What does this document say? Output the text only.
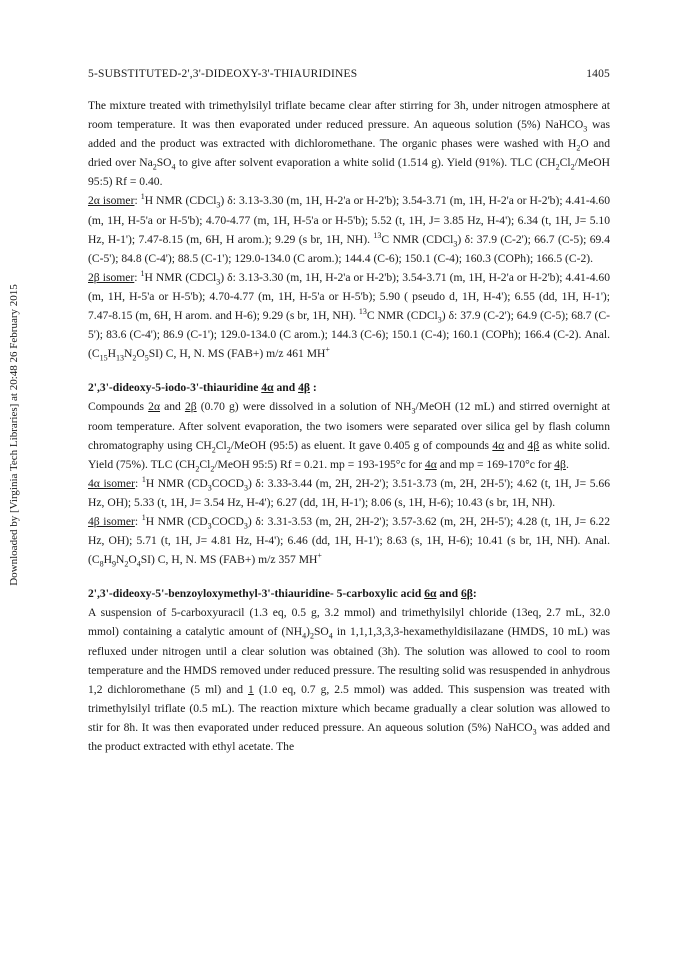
5-SUBSTITUTED-2',3'-DIDEOXY-3'-THIAURIDINES	1405
Downloaded by [Virginia Tech Libraries] at 20:48 26 February 2015

The mixture treated with trimethylsilyl triflate became clear after stirring for 3h, under nitrogen atmosphere at room temperature. It was then evaporated under reduced pressure. An aqueous solution (5%) NaHCO$_3$ was added and the product was extracted with dichloromethane. The organic phases were washed with $H_2O$ and dried over $Na_2SO_4$ to give after solvent evaporation a white solid (1.514 g). Yield (91%). TLC ($CH_2Cl_2$/MeOH 95:5) Rf = 0.40.

2α isomer: $^1$H NMR (CDCl$_3$) δ: 3.13-3.30 (m, 1H, H-2'a or H-2'b); 3.54-3.71 (m, 1H, H-2'a or H-2'b); 4.41-4.60 (m, 1H, H-5'a or H-5'b); 4.70-4.77 (m, 1H, H-5'a or H-5'b); 5.52 (t, 1H, J= 3.85 Hz, H-4'); 6.34 (t, 1H, J= 5.10 Hz, H-1'); 7.47-8.15 (m, 6H, H arom.); 9.29 (s br, 1H, NH). $^{13}$C NMR (CDCl$_3$) δ: 37.9 (C-2'); 66.7 (C-5); 69.4 (C-5'); 84.8 (C-4'); 88.5 (C-1'); 129.0-134.0 (C arom.); 144.4 (C-6); 150.1 (C-4); 160.3 (COPh); 166.5 (C-2).

2β isomer: $^1$H NMR (CDCl$_3$) δ: 3.13-3.30 (m, 1H, H-2'a or H-2'b); 3.54-3.71 (m, 1H, H-2'a or H-2'b); 4.41-4.60 (m, 1H, H-5'a or H-5'b); 4.70-4.77 (m, 1H, H-5'a or H-5'b); 5.90 ( pseudo d, 1H, H-4'); 6.55 (dd, 1H, H-1'); 7.47-8.15 (m, 6H, H arom. and H-6); 9.29 (s br, 1H, NH). $^{13}$C NMR (CDCl$_3$) δ: 37.9 (C-2'); 64.9 (C-5); 68.7 (C-5'); 83.6 (C-4'); 86.9 (C-1'); 129.0-134.0 (C arom.); 144.3 (C-6); 150.1 (C-4); 160.1 (COPh); 166.4 (C-2). Anal. $(C_{15}H_{13}N_2O_5SI)$ C, H, N. MS (FAB+) m/z 461 MH+

2',3'-dideoxy-5-iodo-3'-thiauridine 4α and 4β :

Compounds 2α and 2β (0.70 g) were dissolved in a solution of $NH_3$/MeOH (12 mL) and stirred overnight at room temperature. After solvent evaporation, the two isomers were separated over silica gel by flash column chromatography using $CH_2Cl_2$/MeOH (95:5) as eluent. It gave 0.405 g of compounds 4α and 4β as white solid. Yield (75%). TLC ($CH_2Cl_2$/MeOH 95:5) Rf = 0.21. mp = 193-195°c for 4α and mp = 169-170°c for 4β.

4α isomer: $^1$H NMR $(CD_3COCD_3)$ δ: 3.33-3.44 (m, 2H, 2H-2'); 3.51-3.73 (m, 2H, 2H-5'); 4.62 (t, 1H, J= 5.66 Hz, OH); 5.33 (t, 1H, J= 3.54 Hz, H-4'); 6.27 (dd, 1H, H-1'); 8.06 (s, 1H, H-6); 10.43 (s br, 1H, NH).

4β isomer: $^1$H NMR $(CD_3COCD_3)$ δ: 3.31-3.53 (m, 2H, 2H-2'); 3.57-3.62 (m, 2H, 2H-5'); 4.28 (t, 1H, J= 6.22 Hz, OH); 5.71 (t, 1H, J= 4.81 Hz, H-4'); 6.46 (dd, 1H, H-1'); 8.63 (s, 1H, H-6); 10.41 (s br, 1H, NH). Anal. $(C_8H_9N_2O_4SI)$ C, H, N. MS (FAB+) m/z 357 MH+

2',3'-dideoxy-5'-benzoyloxymethyl-3'-thiauridine- 5-carboxylic acid 6α and 6β:

A suspension of 5-carboxyuracil (1.3 eq, 0.5 g, 3.2 mmol) and trimethylsilyl chloride (13eq, 2.7 mL, 32.0 mmol) containing a catalytic amount of $(NH_4)_2SO_4$ in 1,1,1,3,3,3-hexamethyldisilazane (HMDS, 10 mL) was refluxed under nitrogen until a clear solution was obtained (3h). The solution was allowed to cool to room temperature and the HMDS removed under reduced pressure. The resulting solid was resuspended in anhydrous 1,2 dichloromethane (5 ml) and 1 (1.0 eq, 0.7 g, 2.5 mmol) was added. This suspension was treated with trimethylsilyl triflate (0.5 mL). The reaction mixture which became gradually a clear solution was allowed to stir for 8h. It was then evaporated under reduced pressure. An aqueous solution (5%) NaHCO$_3$ was added and the product extracted with ethyl acetate. The
